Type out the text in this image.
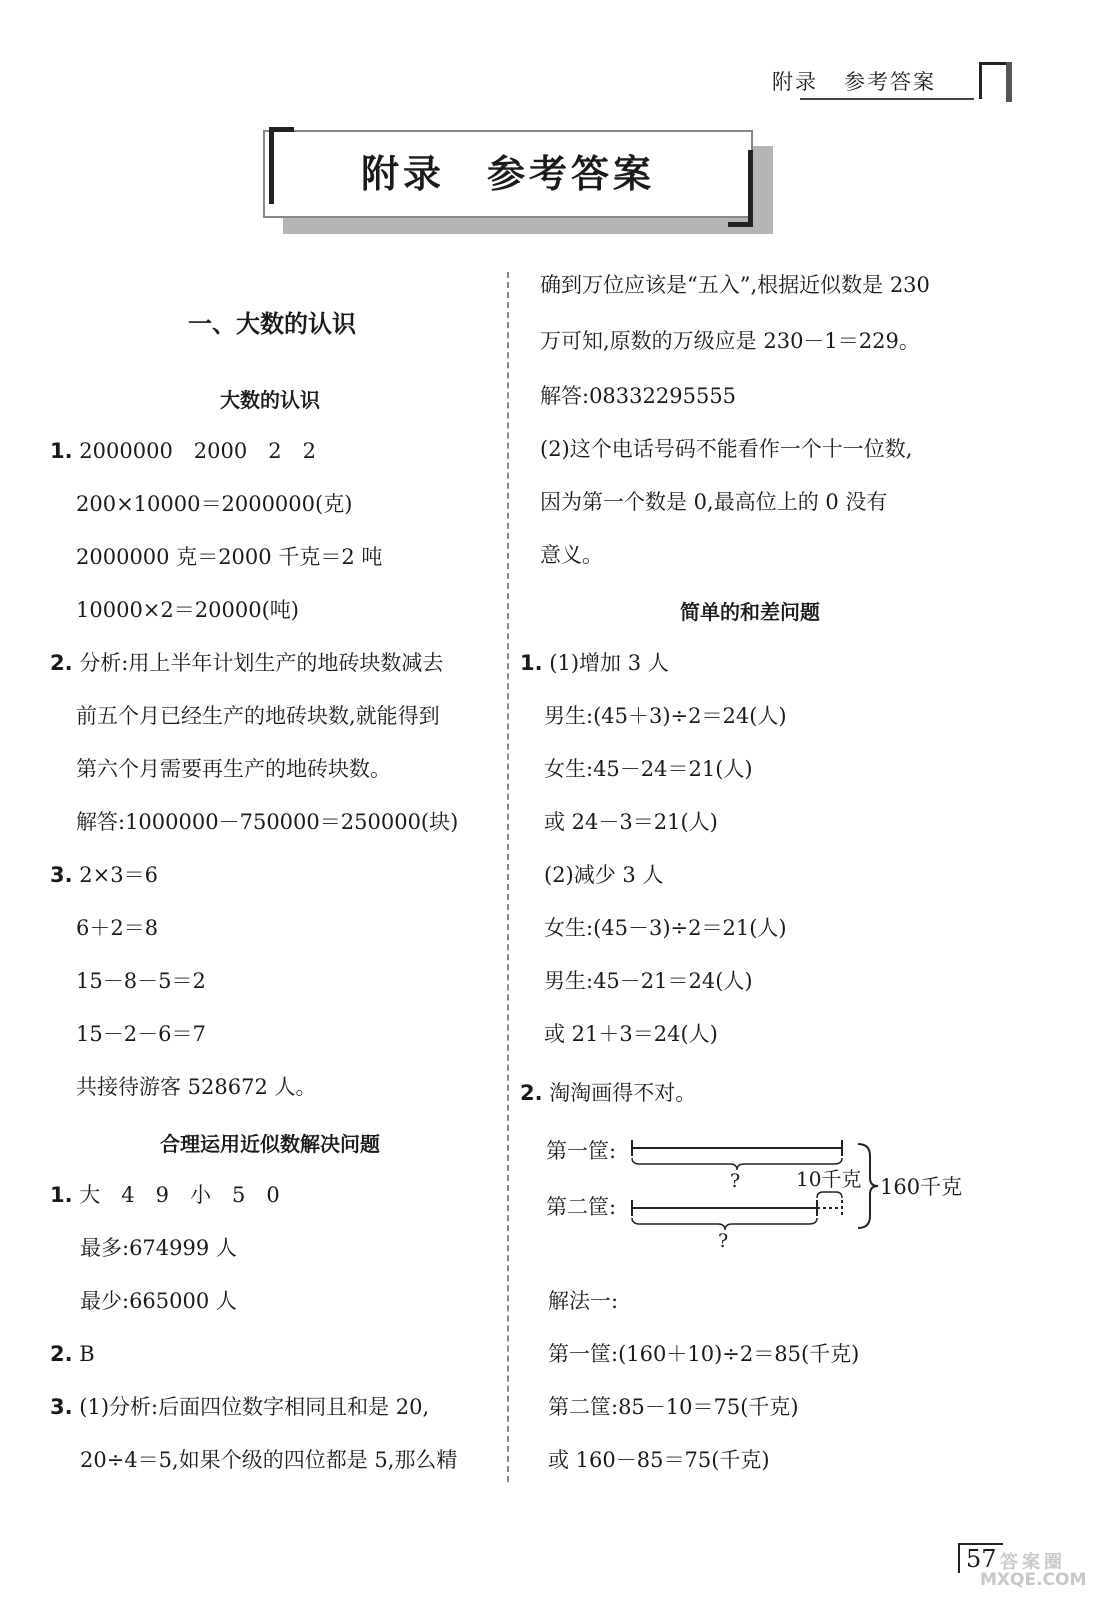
附录 参考答案
附录　参考答案
一、大数的认识
大数的认识
1. 2000000　2000　2　2
200×10000＝2000000(克)
2000000 克＝2000 千克＝2 吨
10000×2＝20000(吨)
2. 分析:用上半年计划生产的地砖块数减去
前五个月已经生产的地砖块数,就能得到
第六个月需要再生产的地砖块数。
解答:1000000－750000＝250000(块)
3. 2×3＝6
6＋2＝8
15－8－5＝2
15－2－6＝7
共接待游客 528672 人。
合理运用近似数解决问题
1. 大　4　9　小　5　0
最多:674999 人
最少:665000 人
2. B
3. (1)分析:后面四位数字相同且和是 20,
20÷4＝5,如果个级的四位都是 5,那么精
确到万位应该是“五入”,根据近似数是 230
万可知,原数的万级应是 230－1＝229。
解答:08332295555
(2)这个电话号码不能看作一个十一位数,
因为第一个数是 0,最高位上的 0 没有
意义。
简单的和差问题
1. (1)增加 3 人
男生:(45＋3)÷2＝24(人)
女生:45－24＝21(人)
或 24－3＝21(人)
(2)减少 3 人
女生:(45－3)÷2＝21(人)
男生:45－21＝24(人)
或 21＋3＝24(人)
2. 淘淘画得不对。
第一筐:
第二筐:
?
?
10千克 160千克
解法一:
第一筐:(160＋10)÷2＝85(千克)
第二筐:85－10＝75(千克)
或 160－85＝75(千克)
57 答案圈
MXQE.COM
